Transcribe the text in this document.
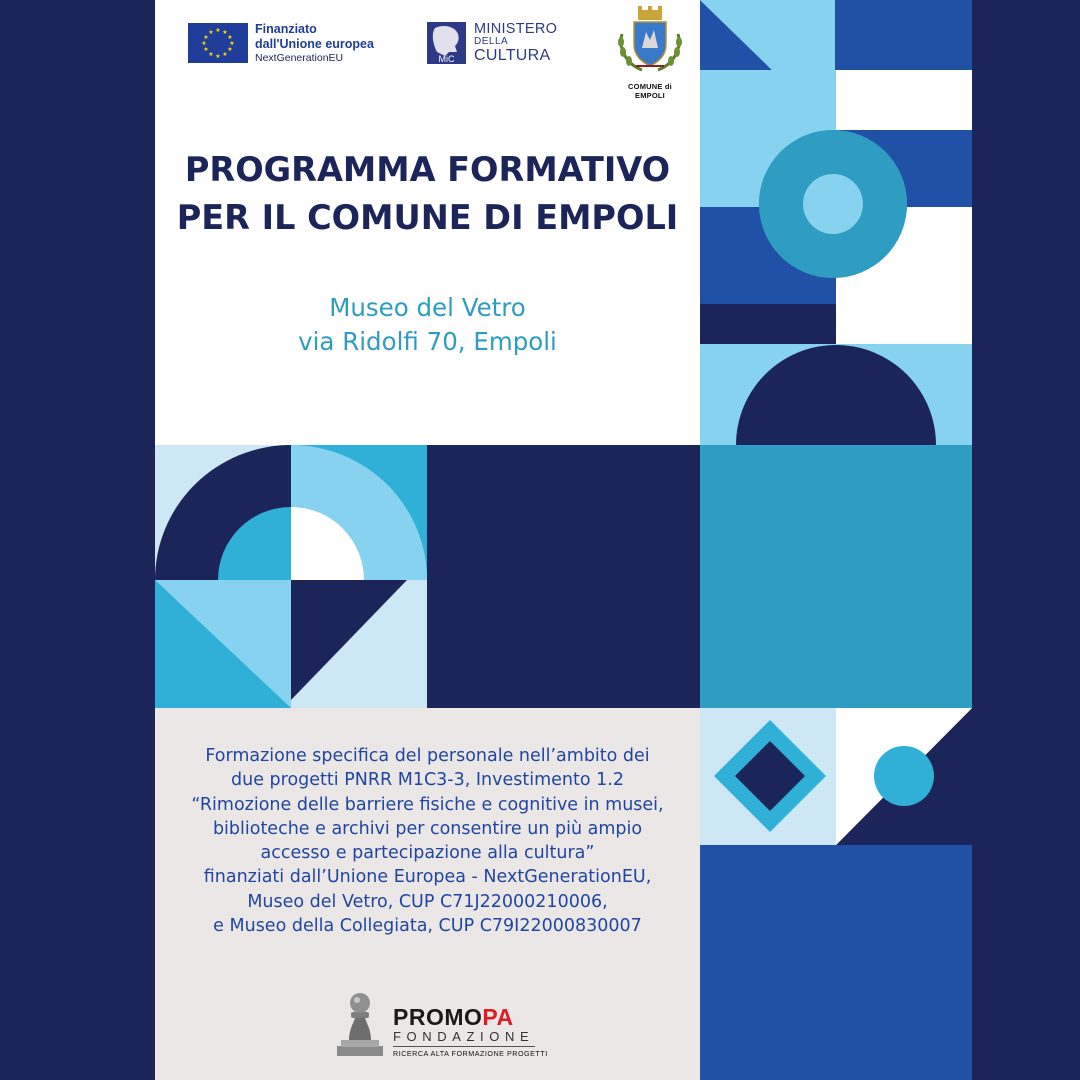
★ ★
★
★
★
★
★
★
★
★
★
★	Finanziato
dall'Unione europea
NextGenerationEU	MiC
MINISTERO
DELLA
CULTURA
COMUNE di EMPOLI
PROGRAMMA FORMATIVO
PER IL COMUNE DI EMPOLI
Museo del Vetro
via Ridolfi 70, Empoli
Formazione specifica del personale nell’ambito dei
due progetti PNRR M1C3-3, Investimento 1.2
“Rimozione delle barriere fisiche e cognitive in musei,
biblioteche e archivi per consentire un più ampio
accesso e partecipazione alla cultura”
finanziati dall’Unione Europea - NextGenerationEU,
Museo del Vetro, CUP C71J22000210006,
e Museo della Collegiata, CUP C79I22000830007
PROMOPA
FONDAZIONE
RICERCA ALTA FORMAZIONE PROGETTI
